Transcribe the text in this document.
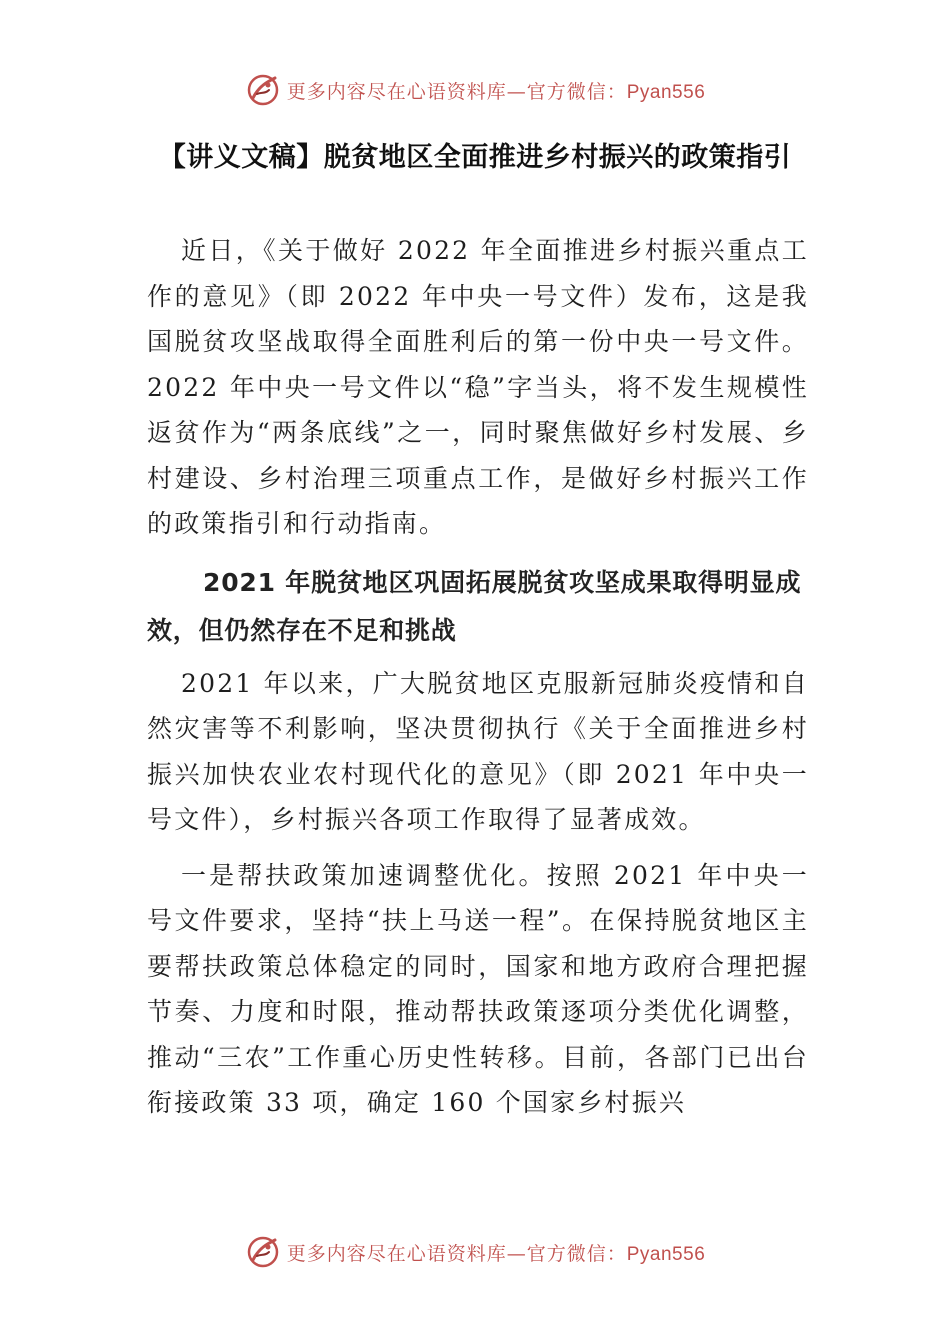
更多内容尽在心语资料库—官方微信：Pyan556
【讲义文稿】脱贫地区全面推进乡村振兴的政策指引

近日，《关于做好 2022 年全面推进乡村振兴重点工作的意见》（即 2022 年中央一号文件）发布，这是我国脱贫攻坚战取得全面胜利后的第一份中央一号文件。2022 年中央一号文件以“稳”字当头，将不发生规模性返贫作为“两条底线”之一，同时聚焦做好乡村发展、乡村建设、乡村治理三项重点工作，是做好乡村振兴工作的政策指引和行动指南。

2021 年脱贫地区巩固拓展脱贫攻坚成果取得明显成效，但仍然存在不足和挑战

2021 年以来，广大脱贫地区克服新冠肺炎疫情和自然灾害等不利影响，坚决贯彻执行《关于全面推进乡村振兴加快农业农村现代化的意见》（即 2021 年中央一号文件），乡村振兴各项工作取得了显著成效。

一是帮扶政策加速调整优化。按照 2021 年中央一号文件要求，坚持“扶上马送一程”。在保持脱贫地区主要帮扶政策总体稳定的同时，国家和地方政府合理把握节奏、力度和时限，推动帮扶政策逐项分类优化调整，推动“三农”工作重心历史性转移。目前，各部门已出台衔接政策 33 项，确定 160 个国家乡村振兴

更多内容尽在心语资料库—官方微信：Pyan556
